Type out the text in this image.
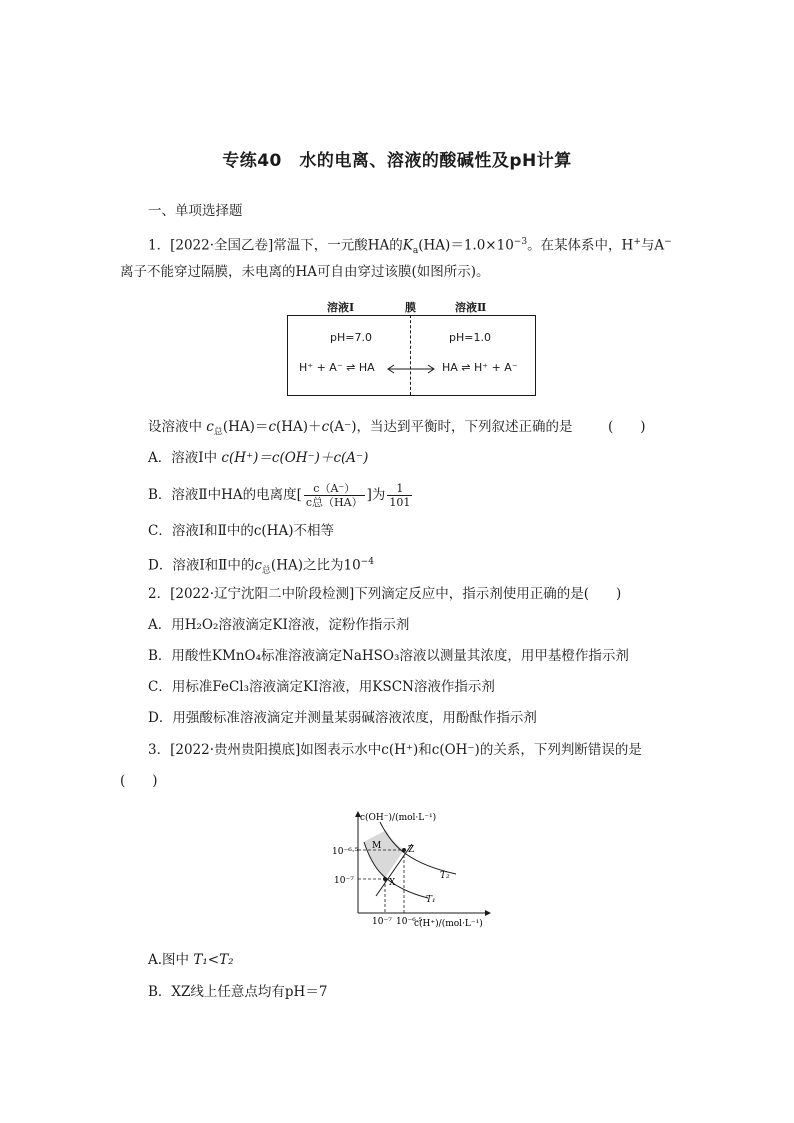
专练40　水的电离、溶液的酸碱性及pH计算
一、单项选择题
1．[2022·全国乙卷]常温下，一元酸HA的$K_a(HA)=1.0\times 10^{-3}$。在某体系中，H+与A−
离子不能穿过隔膜，未电离的HA可自由穿过该膜(如图所示)。
溶液Ⅰ	膜	溶液Ⅱ
pH=7.0	pH=1.0
H⁺ + A⁻ ⇌ HA	HA ⇌ H⁺ + A⁻
设溶液中 $c_总(HA)=c(HA)+c(A^-)$，当达到平衡时，下列叙述正确的是	(　　)
A．溶液Ⅰ中 c(H⁺)＝c(OH⁻)＋c(A⁻)
B．溶液Ⅱ中HA的电离度[ $\frac{c(A^-)}{\text{c总（HA）}}$ ]为 $\frac{1}{101}$
C．溶液Ⅰ和Ⅱ中的c(HA)不相等
D．溶液Ⅰ和Ⅱ中的$c_总(HA)$之比为$10^{-4}$
2．[2022·辽宁沈阳二中阶段检测]下列滴定反应中，指示剂使用正确的是(　　)
A．用H₂O₂溶液滴定KI溶液，淀粉作指示剂
B．用酸性KMnO₄标准溶液滴定NaHSO₃溶液以测量其浓度，用甲基橙作指示剂
C．用标准FeCl₃溶液滴定KI溶液，用KSCN溶液作指示剂
D．用强酸标准溶液滴定并测量某弱碱溶液浓度，用酚酞作指示剂
3．[2022·贵州贵阳摸底]如图表示水中c(H⁺)和c(OH⁻)的关系，下列判断错误的是
(　　)
c(OH⁻)/(mol·L⁻¹)
c(H⁺)/(mol·L⁻¹)
10⁻⁶·⁵
10⁻⁷
10⁻⁷ 10⁻⁶·⁵
M	Z
X
T₁
T₂
A.图中 T₁<T₂
B．XZ线上任意点均有pH＝7
